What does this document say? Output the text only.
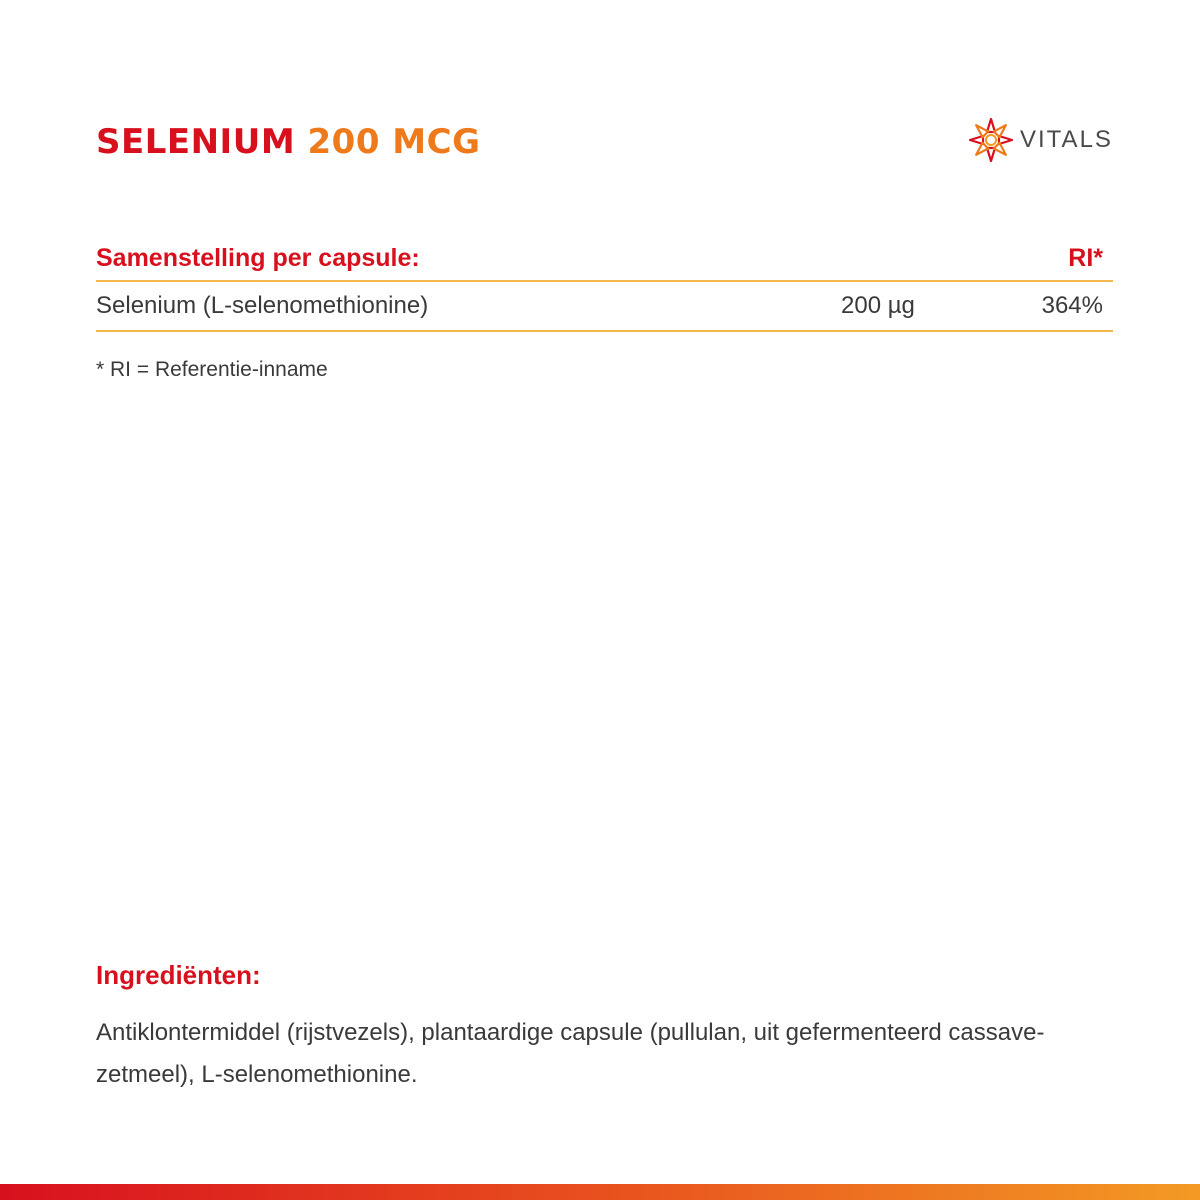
SELENIUM 200 MCG	VITALS
Samenstelling per capsule:	RI*
Selenium (L-selenomethionine)	200 µg	364%
* RI = Referentie-inname
Ingrediënten:
Antiklontermiddel (rijstvezels), plantaardige capsule (pullulan, uit gefermenteerd cassave-zetmeel), L-selenomethionine.
